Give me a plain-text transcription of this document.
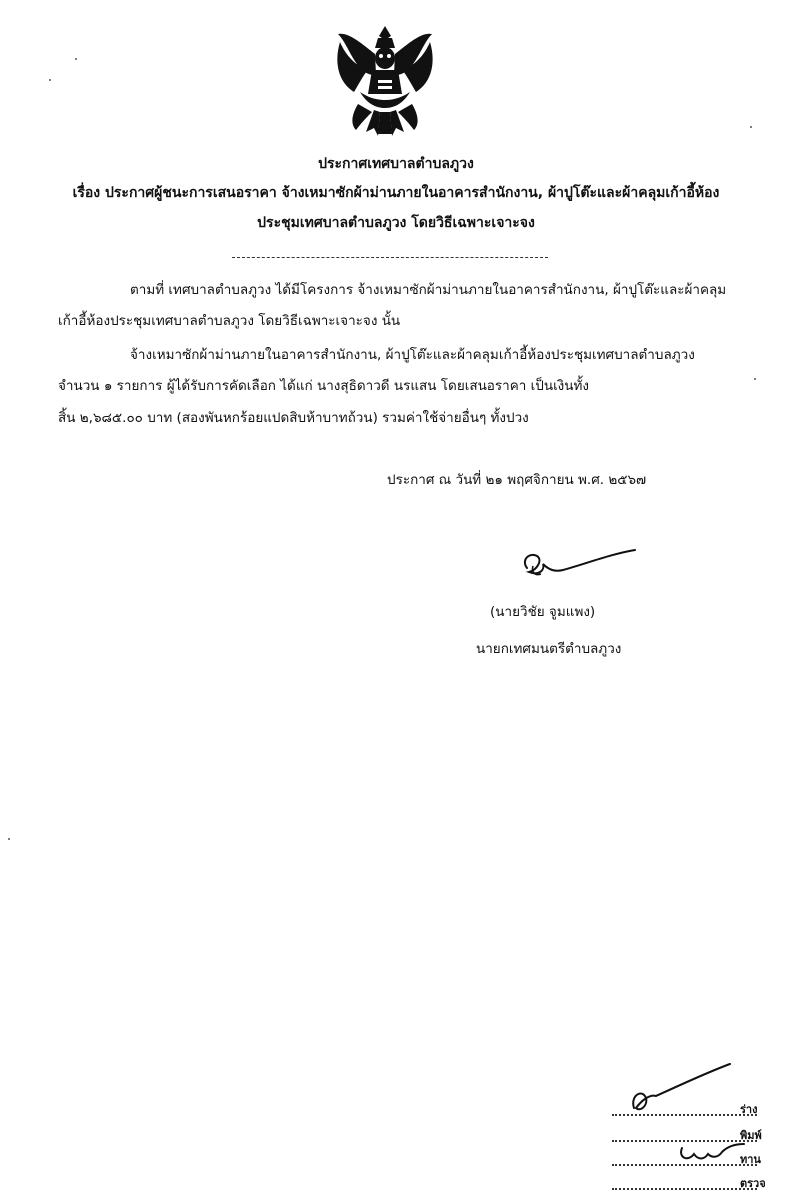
ประกาศเทศบาลตำบลภูวง
เรื่อง ประกาศผู้ชนะการเสนอราคา จ้างเหมาซักผ้าม่านภายในอาคารสำนักงาน, ผ้าปูโต๊ะและผ้าคลุมเก้าอี้ห้อง
ประชุมเทศบาลตำบลภูวง โดยวิธีเฉพาะเจาะจง
ตามที่ เทศบาลตำบลภูวง ได้มีโครงการ จ้างเหมาซักผ้าม่านภายในอาคารสำนักงาน, ผ้าปูโต๊ะและผ้าคลุม
เก้าอี้ห้องประชุมเทศบาลตำบลภูวง โดยวิธีเฉพาะเจาะจง นั้น
จ้างเหมาซักผ้าม่านภายในอาคารสำนักงาน, ผ้าปูโต๊ะและผ้าคลุมเก้าอี้ห้องประชุมเทศบาลตำบลภูวง
จำนวน ๑ รายการ ผู้ได้รับการคัดเลือก ได้แก่ นางสุธิดาวดี นรแสน โดยเสนอราคา เป็นเงินทั้ง
สิ้น ๒,๖๘๕.๐๐ บาท (สองพันหกร้อยแปดสิบห้าบาทถ้วน) รวมค่าใช้จ่ายอื่นๆ ทั้งปวง
ประกาศ ณ วันที่ ๒๑ พฤศจิกายน พ.ศ. ๒๕๖๗
(นายวิชัย จูมแพง)
นายกเทศมนตรีตำบลภูวง
ร่าง
พิมพ์
ทาน
ตรวจ
